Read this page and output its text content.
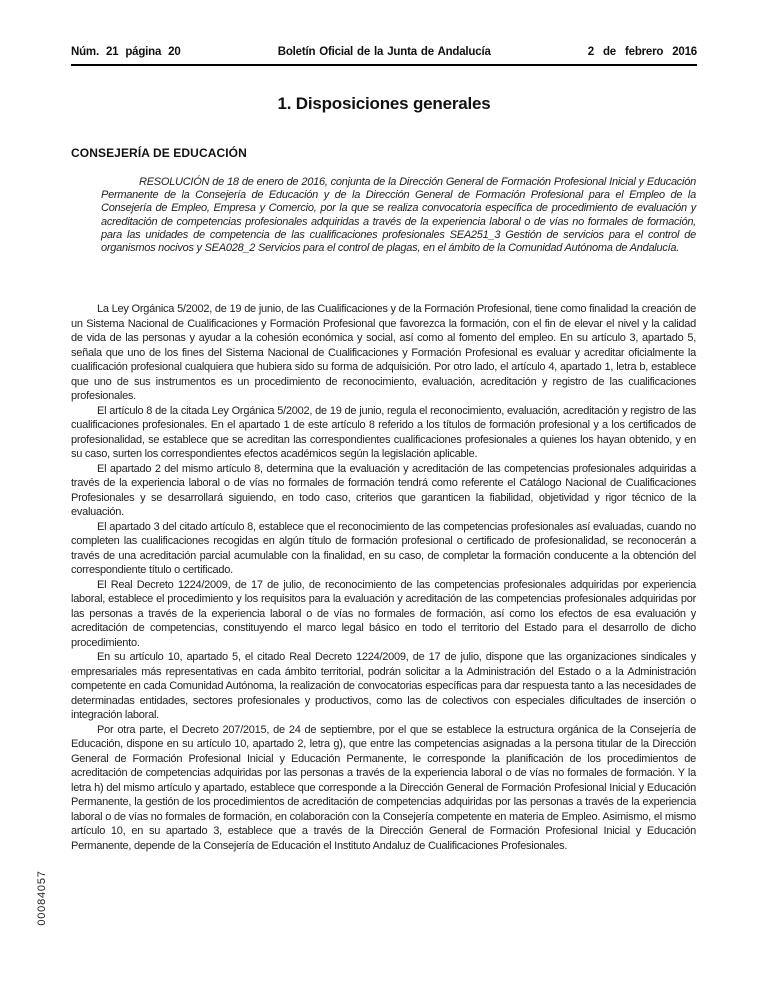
Núm. 21 página 20	Boletín Oficial de la Junta de Andalucía	2 de febrero 2016
1. Disposiciones generales
CONSEJERÍA DE EDUCACIÓN
RESOLUCIÓN de 18 de enero de 2016, conjunta de la Dirección General de Formación Profesional Inicial y Educación Permanente de la Consejería de Educación y de la Dirección General de Formación Profesional para el Empleo de la Consejería de Empleo, Empresa y Comercio, por la que se realiza convocatoria específica de procedimiento de evaluación y acreditación de competencias profesionales adquiridas a través de la experiencia laboral o de vías no formales de formación, para las unidades de competencia de las cualificaciones profesionales SEA251_3 Gestión de servicios para el control de organismos nocivos y SEA028_2 Servicios para el control de plagas, en el ámbito de la Comunidad Autónoma de Andalucía.

La Ley Orgánica 5/2002, de 19 de junio, de las Cualificaciones y de la Formación Profesional, tiene como finalidad la creación de un Sistema Nacional de Cualificaciones y Formación Profesional que favorezca la formación, con el fin de elevar el nivel y la calidad de vida de las personas y ayudar a la cohesión económica y social, así como al fomento del empleo. En su artículo 3, apartado 5, señala que uno de los fines del Sistema Nacional de Cualificaciones y Formación Profesional es evaluar y acreditar oficialmente la cualificación profesional cualquiera que hubiera sido su forma de adquisición. Por otro lado, el artículo 4, apartado 1, letra b, establece que uno de sus instrumentos es un procedimiento de reconocimiento, evaluación, acreditación y registro de las cualificaciones profesionales.

El artículo 8 de la citada Ley Orgánica 5/2002, de 19 de junio, regula el reconocimiento, evaluación, acreditación y registro de las cualificaciones profesionales. En el apartado 1 de este artículo 8 referido a los títulos de formación profesional y a los certificados de profesionalidad, se establece que se acreditan las correspondientes cualificaciones profesionales a quienes los hayan obtenido, y en su caso, surten los correspondientes efectos académicos según la legislación aplicable.

El apartado 2 del mismo artículo 8, determina que la evaluación y acreditación de las competencias profesionales adquiridas a través de la experiencia laboral o de vías no formales de formación tendrá como referente el Catálogo Nacional de Cualificaciones Profesionales y se desarrollará siguiendo, en todo caso, criterios que garanticen la fiabilidad, objetividad y rigor técnico de la evaluación.

El apartado 3 del citado artículo 8, establece que el reconocimiento de las competencias profesionales así evaluadas, cuando no completen las cualificaciones recogidas en algún título de formación profesional o certificado de profesionalidad, se reconocerán a través de una acreditación parcial acumulable con la finalidad, en su caso, de completar la formación conducente a la obtención del correspondiente título o certificado.

El Real Decreto 1224/2009, de 17 de julio, de reconocimiento de las competencias profesionales adquiridas por experiencia laboral, establece el procedimiento y los requisitos para la evaluación y acreditación de las competencias profesionales adquiridas por las personas a través de la experiencia laboral o de vías no formales de formación, así como los efectos de esa evaluación y acreditación de competencias, constituyendo el marco legal básico en todo el territorio del Estado para el desarrollo de dicho procedimiento.

En su artículo 10, apartado 5, el citado Real Decreto 1224/2009, de 17 de julio, dispone que las organizaciones sindicales y empresariales más representativas en cada ámbito territorial, podrán solicitar a la Administración del Estado o a la Administración competente en cada Comunidad Autónoma, la realización de convocatorias específicas para dar respuesta tanto a las necesidades de determinadas entidades, sectores profesionales y productivos, como las de colectivos con especiales dificultades de inserción o integración laboral.

Por otra parte, el Decreto 207/2015, de 24 de septiembre, por el que se establece la estructura orgánica de la Consejería de Educación, dispone en su artículo 10, apartado 2, letra g), que entre las competencias asignadas a la persona titular de la Dirección General de Formación Profesional Inicial y Educación Permanente, le corresponde la planificación de los procedimientos de acreditación de competencias adquiridas por las personas a través de la experiencia laboral o de vías no formales de formación. Y la letra h) del mismo artículo y apartado, establece que corresponde a la Dirección General de Formación Profesional Inicial y Educación Permanente, la gestión de los procedimientos de acreditación de competencias adquiridas por las personas a través de la experiencia laboral o de vías no formales de formación, en colaboración con la Consejería competente en materia de Empleo. Asimismo, el mismo artículo 10, en su apartado 3, establece que a través de la Dirección General de Formación Profesional Inicial y Educación Permanente, depende de la Consejería de Educación el Instituto Andaluz de Cualificaciones Profesionales.

00084057
